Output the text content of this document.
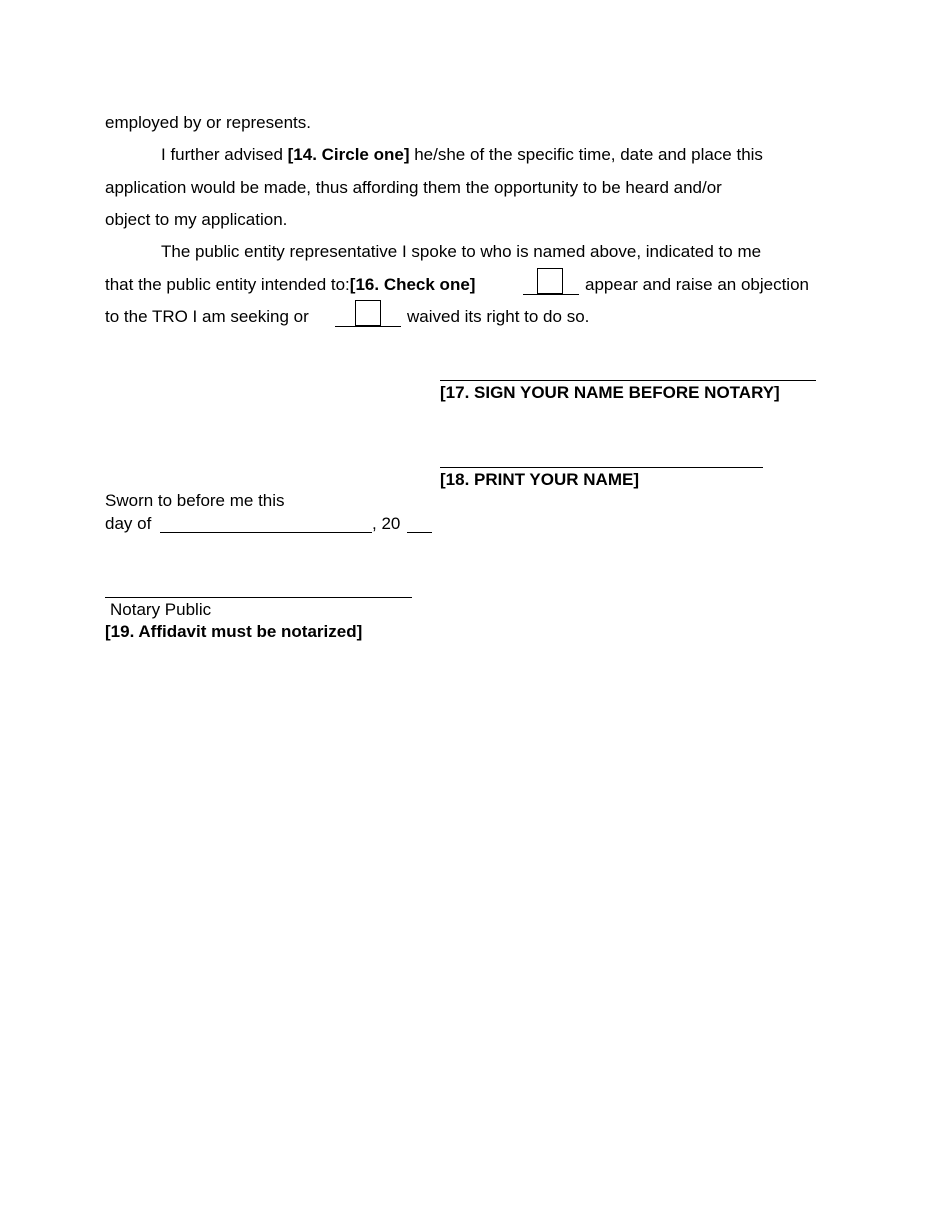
employed by or represents.
I further advised [14. Circle one] he/she of the specific time, date and place this
application would be made, thus affording them the opportunity to be heard and/or
object to my application.
The public entity representative I spoke to who is named above, indicated to me
that the public entity intended to:[16. Check one]	appear and raise an objection
to the TRO I am seeking or	waived its right to do so.
[17. SIGN YOUR NAME BEFORE NOTARY]
[18. PRINT YOUR NAME]
Sworn to before me this
day of	, 20
Notary Public
[19. Affidavit must be notarized]
